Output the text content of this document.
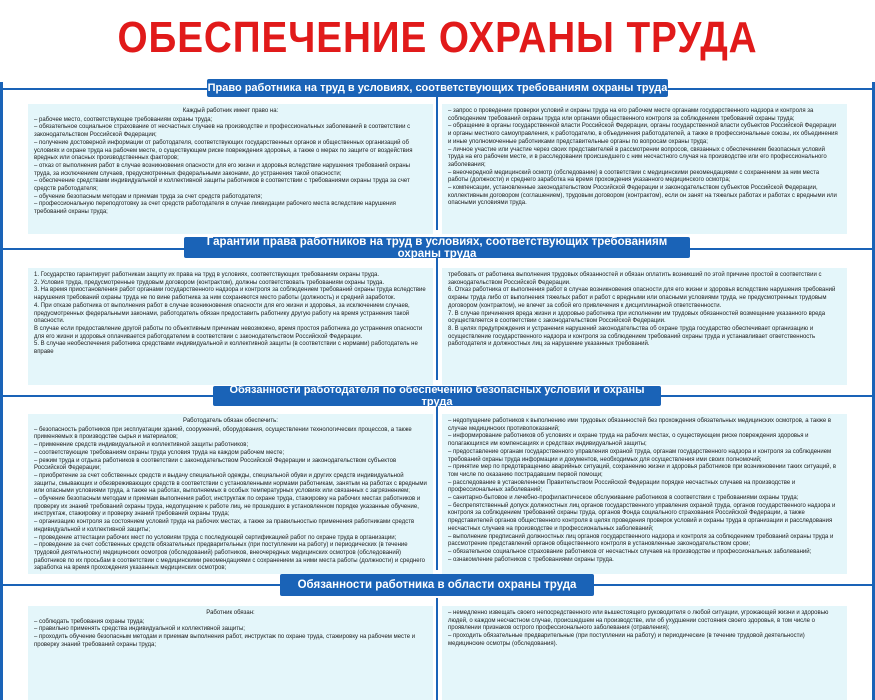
ОБЕСПЕЧЕНИЕ ОХРАНЫ ТРУДА
Право работника на труд в условиях, соответствующих требованиям охраны труда
Каждый работник имеет право на:
– рабочее место, соответствующее требованиям охраны труда;
– обязательное социальное страхование от несчастных случаев на производстве и профессиональных заболеваний в соответствии с законодательством Российской Федерации;
– получение достоверной информации от работодателя, соответствующих государственных органов и общественных организаций об условиях и охране труда на рабочем месте, о существующем риске повреждения здоровья, а также о мерах по защите от воздействия вредных или опасных производственных факторов;
– отказ от выполнения работ в случае возникновения опасности для его жизни и здоровья вследствие нарушения требований охраны труда, за исключением случаев, предусмотренных федеральными законами, до устранения такой опасности;
– обеспечение средствами индивидуальной и коллективной защиты работников в соответствии с требованиями охраны труда за счет средств работодателя;
– обучение безопасным методам и приемам труда за счет средств работодателя;
– профессиональную переподготовку за счет средств работодателя в случае ликвидации рабочего места вследствие нарушения требований охраны труда;
– запрос о проведении проверки условий и охраны труда на его рабочем месте органами государственного надзора и контроля за соблюдением требований охраны труда или органами общественного контроля за соблюдением требований охраны труда;
– обращение в органы государственной власти Российской Федерации, органы государственной власти субъектов Российской Федерации и органы местного самоуправления, к работодателю, в объединения работодателей, а также в профессиональные союзы, их объединения и иные уполномоченные работниками представительные органы по вопросам охраны труда;
– личное участие или участие через своих представителей в рассмотрении вопросов, связанных с обеспечением безопасных условий труда на его рабочем месте, и в расследовании происшедшего с ним несчастного случая на производстве или его профессионального заболевания;
– внеочередной медицинский осмотр (обследование) в соответствии с медицинскими рекомендациями с сохранением за ним места работы (должности) и среднего заработка на время прохождения указанного медицинского осмотра;
– компенсации, установленные законодательством Российской Федерации и законодательством субъектов Российской Федерации, коллективным договором (соглашением), трудовым договором (контрактом), если он занят на тяжелых работах и работах с вредными или опасными условиями труда.
Гарантии права работников на труд в условиях, соответствующих требованиям охраны труда
1. Государство гарантирует работникам защиту их права на труд в условиях, соответствующих требованиям охраны труда.
2. Условия труда, предусмотренные трудовым договором (контрактом), должны соответствовать требованиям охраны труда.
3. На время приостановления работ органами государственного надзора и контроля за соблюдением требований охраны труда вследствие нарушения требований охраны труда не по вине работника за ним сохраняются место работы (должность) и средний заработок.
4. При отказе работника от выполнения работ в случае возникновения опасности для его жизни и здоровья, за исключением случаев, предусмотренных федеральными законами, работодатель обязан предоставить работнику другую работу на время устранения такой опасности.
В случае если предоставление другой работы по объективным причинам невозможно, время простоя работника до устранения опасности для его жизни и здоровья оплачивается работодателем в соответствии с законодательством Российской Федерации.
5. В случае необеспечения работника средствами индивидуальной и коллективной защиты (в соответствии с нормами) работодатель не вправе
требовать от работника выполнения трудовых обязанностей и обязан оплатить возникший по этой причине простой в соответствии с законодательством Российской Федерации.
6. Отказ работника от выполнения работ в случае возникновения опасности для его жизни и здоровья вследствие нарушения требований охраны труда либо от выполнения тяжелых работ и работ с вредными или опасными условиями труда, не предусмотренных трудовым договором (контрактом), не влечет за собой его привлечения к дисциплинарной ответственности.
7. В случае причинения вреда жизни и здоровью работника при исполнении им трудовых обязанностей возмещение указанного вреда осуществляется в соответствии с законодательством Российской Федерации.
8. В целях предупреждения и устранения нарушений законодательства об охране труда государство обеспечивает организацию и осуществление государственного надзора и контроля за соблюдением требований охраны труда и устанавливает ответственность работодателя и должностных лиц за нарушение указанных требований.
Обязанности работодателя по обеспечению безопасных условий и охраны труда
Работодатель обязан обеспечить:
– безопасность работников при эксплуатации зданий, сооружений, оборудования, осуществлении технологических процессов, а также применяемых в производстве сырья и материалов;
– применение средств индивидуальной и коллективной защиты работников;
– соответствующие требованиям охраны труда условия труда на каждом рабочем месте;
– режим труда и отдыха работников в соответствии с законодательством Российской Федерации и законодательством субъектов Российской Федерации;
– приобретение за счет собственных средств и выдачу специальной одежды, специальной обуви и других средств индивидуальной защиты, смывающих и обезвреживающих средств в соответствии с установленными нормами работникам, занятым на работах с вредными или опасными условиями труда, а также на работах, выполняемых в особых температурных условиях или связанных с загрязнением;
– обучение безопасным методам и приемам выполнения работ, инструктаж по охране труда, стажировку на рабочих местах работников и проверку их знаний требований охраны труда, недопущение к работе лиц, не прошедших в установленном порядке указанные обучение, инструктаж, стажировку и проверку знаний требований охраны труда;
– организацию контроля за состоянием условий труда на рабочих местах, а также за правильностью применения работниками средств индивидуальной и коллективной защиты;
– проведение аттестации рабочих мест по условиям труда с последующей сертификацией работ по охране труда в организации;
– проведение за счет собственных средств обязательных предварительных (при поступлении на работу) и периодических (в течение трудовой деятельности) медицинских осмотров (обследований) работников, внеочередных медицинских осмотров (обследований) работников по их просьбам в соответствии с медицинскими рекомендациями с сохранением за ними места работы (должности) и среднего заработка на время прохождения указанных медицинских осмотров;
– недопущение работников к выполнению ими трудовых обязанностей без прохождения обязательных медицинских осмотров, а также в случае медицинских противопоказаний;
– информирование работников об условиях и охране труда на рабочих местах, о существующем риске повреждения здоровья и полагающихся им компенсациях и средствах индивидуальной защиты;
– предоставление органам государственного управления охраной труда, органам государственного надзора и контроля за соблюдением требований охраны труда информации и документов, необходимых для осуществления ими своих полномочий;
– принятие мер по предотвращению аварийных ситуаций, сохранению жизни и здоровья работников при возникновении таких ситуаций, в том числе по оказанию пострадавшим первой помощи;
– расследование в установленном Правительством Российской Федерации порядке несчастных случаев на производстве и профессиональных заболеваний;
– санитарно-бытовое и лечебно-профилактическое обслуживание работников в соответствии с требованиями охраны труда;
– беспрепятственный допуск должностных лиц органов государственного управления охраной труда, органов государственного надзора и контроля за соблюдением требований охраны труда, органов Фонда социального страхования Российской Федерации, а также представителей органов общественного контроля в целях проведения проверок условий и охраны труда в организации и расследования несчастных случаев на производстве и профессиональных заболеваний;
– выполнение предписаний должностных лиц органов государственного надзора и контроля за соблюдением требований охраны труда и рассмотрение представлений органов общественного контроля в установленные законодательством сроки;
– обязательное социальное страхование работников от несчастных случаев на производстве и профессиональных заболеваний;
– ознакомление работников с требованиями охраны труда.
Обязанности работника в области охраны труда
Работник обязан:
– соблюдать требования охраны труда;
– правильно применять средства индивидуальной и коллективной защиты;
– проходить обучение безопасным методам и приемам выполнения работ, инструктаж по охране труда, стажировку на рабочем месте и проверку знаний требований охраны труда;
– немедленно извещать своего непосредственного или вышестоящего руководителя о любой ситуации, угрожающей жизни и здоровью людей, о каждом несчастном случае, происшедшем на производстве, или об ухудшении состояния своего здоровья, в том числе о проявлении признаков острого профессионального заболевания (отравления);
– проходить обязательные предварительные (при поступлении на работу) и периодические (в течение трудовой деятельности) медицинские осмотры (обследования).
